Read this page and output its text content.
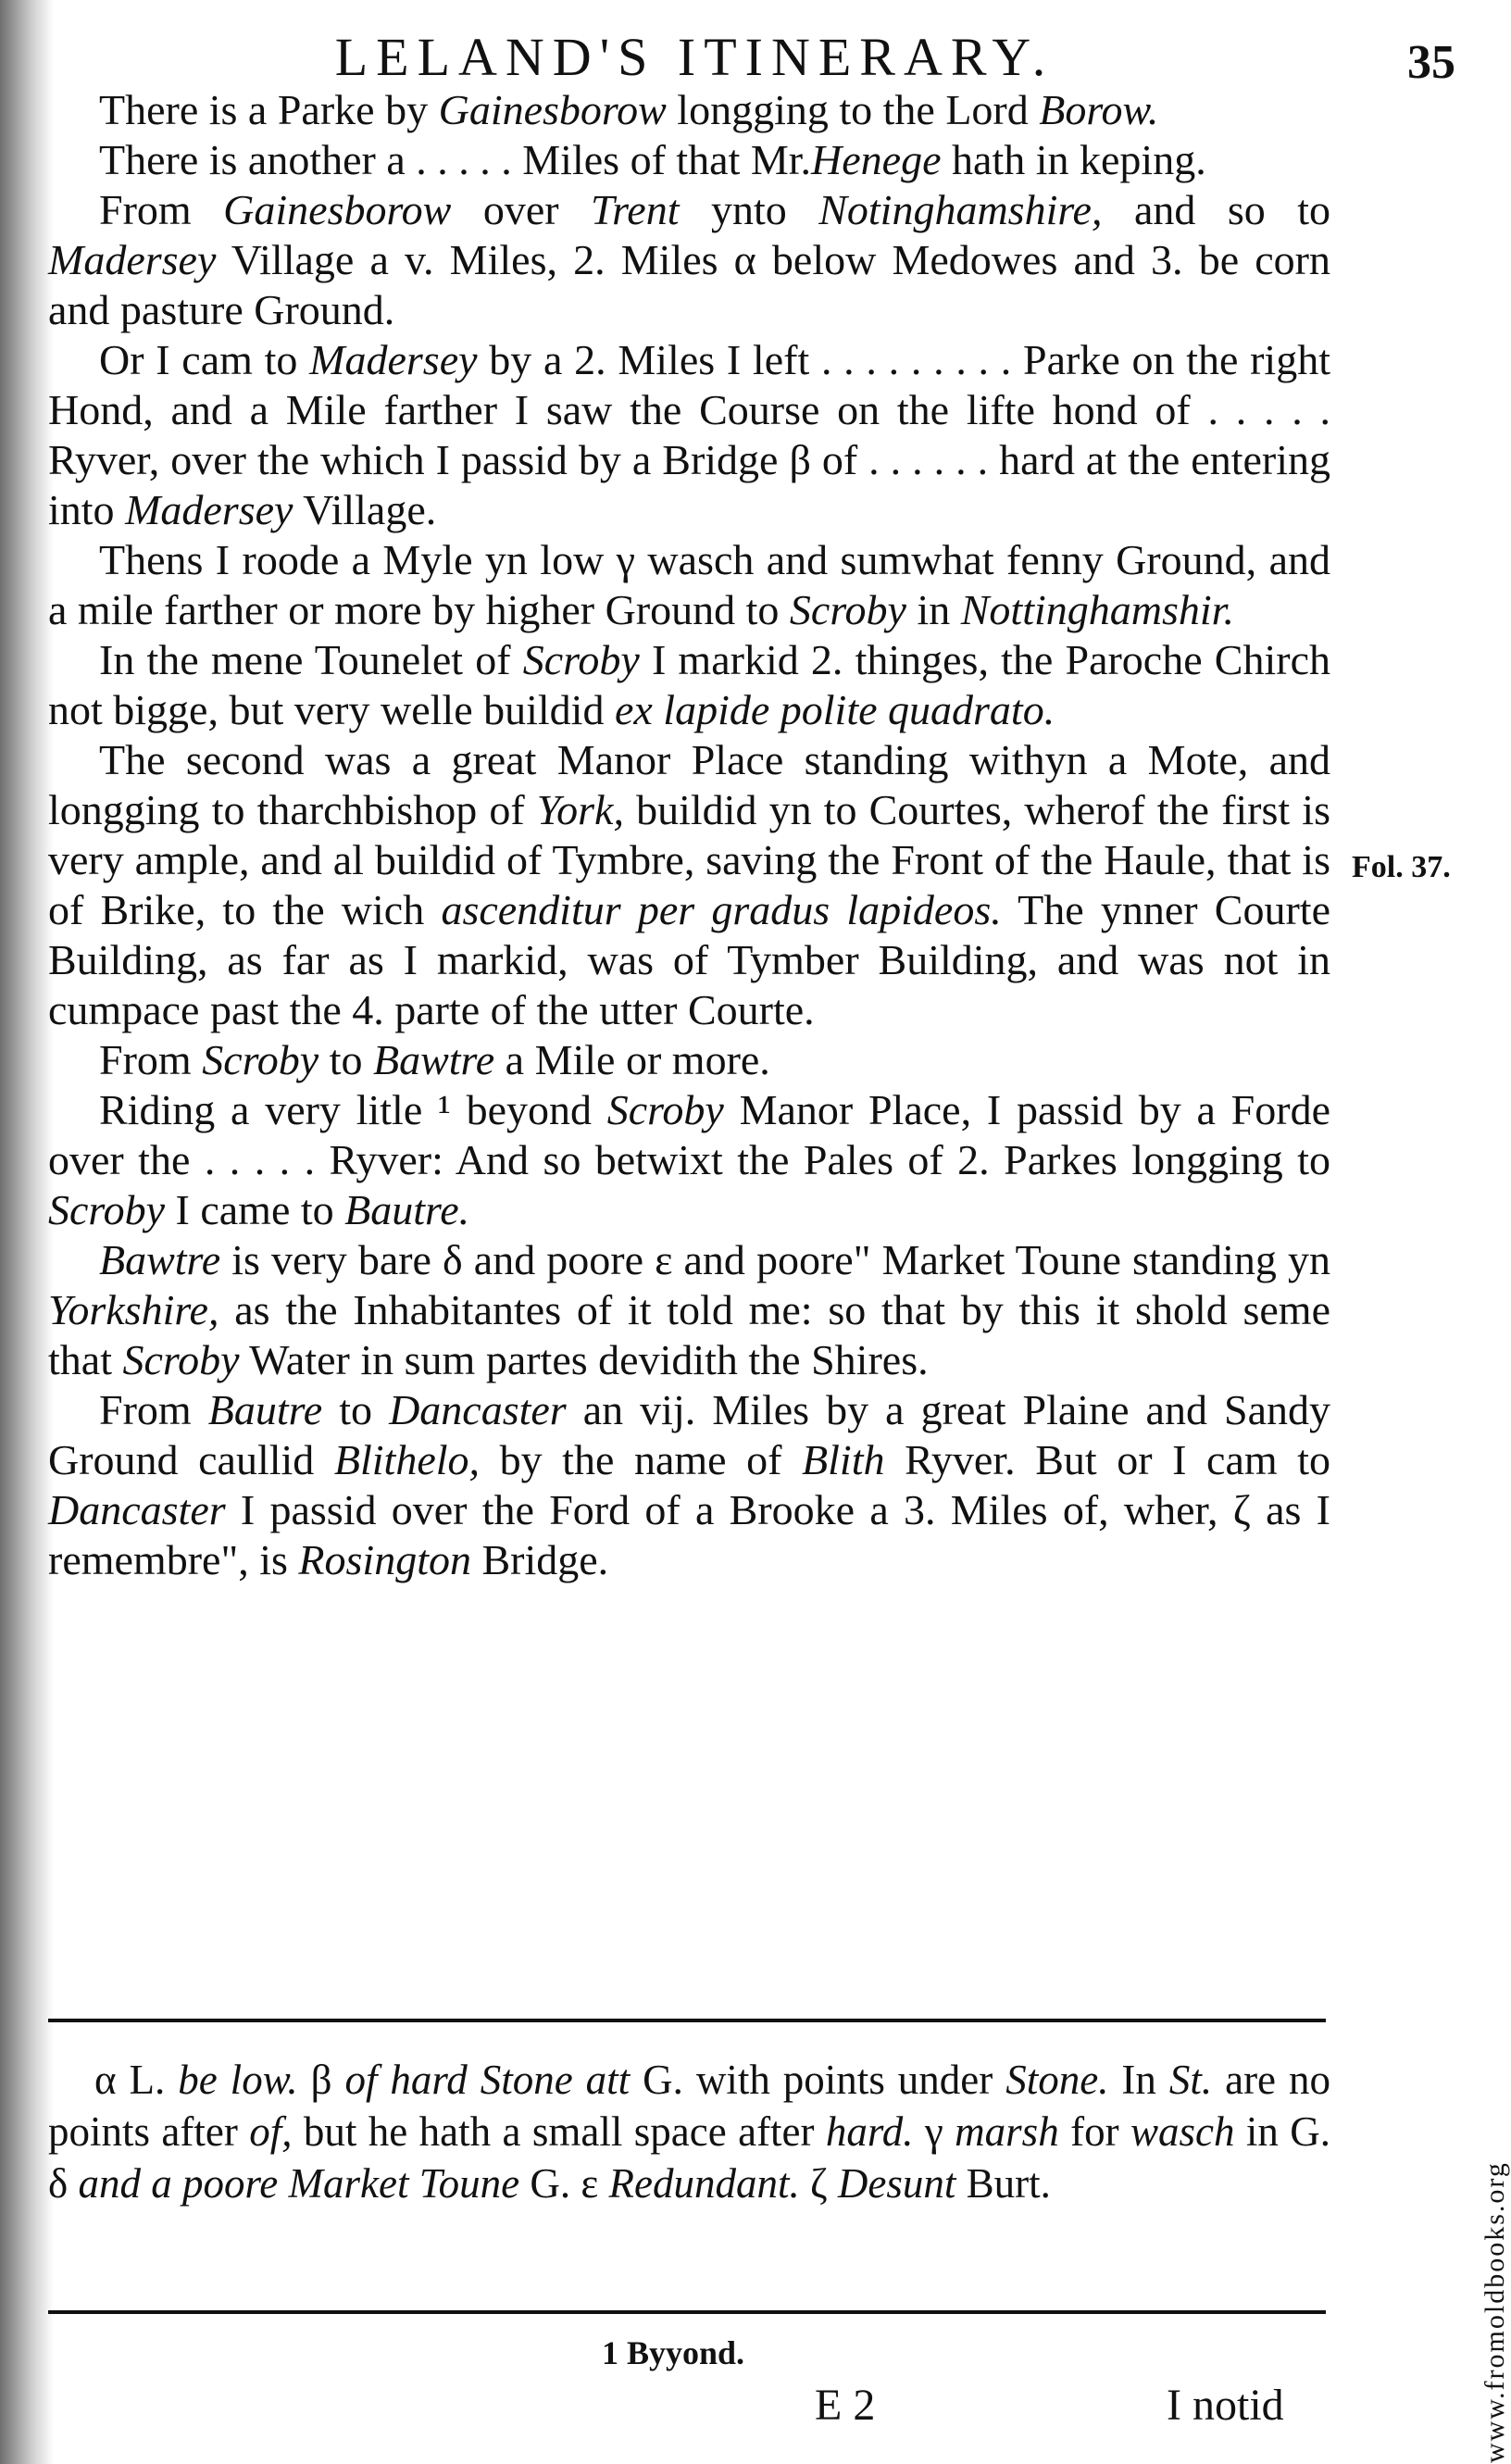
LELAND'S ITINERARY.	35

There is a Parke by Gainesborow longging to the Lord Borow.

There is another a . . . . . Miles of that Mr.Henege hath in keping.

From Gainesborow over Trent ynto Notinghamshire, and so to Madersey Village a v. Miles, 2. Miles α below Medowes and 3. be corn and pasture Ground.

Or I cam to Madersey by a 2. Miles I left . . . . . . . . . Parke on the right Hond, and a Mile farther I saw the Course on the lifte hond of . . . . . Ryver, over the which I passid by a Bridge β of . . . . . . hard at the entering into Madersey Village.

Thens I roode a Myle yn low γ wasch and sumwhat fenny Ground, and a mile farther or more by higher Ground to Scroby in Nottinghamshir.

In the mene Tounelet of Scroby I markid 2. thinges, the Paroche Chirch not bigge, but very welle buildid ex lapide polite quadrato.

The second was a great Manor Place standing withyn a Mote, and longging to tharchbishop of York, buildid yn to Courtes, wherof the first is very ample, and al buildid of Tymbre, saving the Front of the Haule, that is of Brike, to the wich ascenditur per gradus lapideos. The ynner Courte Building, as far as I markid, was of Tymber Building, and was not in cumpace past the 4. parte of the utter Courte.

From Scroby to Bawtre a Mile or more.

Riding a very litle ¹ beyond Scroby Manor Place, I passid by a Forde over the . . . . . Ryver: And so betwixt the Pales of 2. Parkes longging to Scroby I came to Bautre.

Bawtre is very bare δ and poore ε and poore" Market Toune standing yn Yorkshire, as the Inhabitantes of it told me: so that by this it shold seme that Scroby Water in sum partes devidith the Shires.

From Bautre to Dancaster an vij. Miles by a great Plaine and Sandy Ground caullid Blithelo, by the name of Blith Ryver. But or I cam to Dancaster I passid over the Ford of a Brooke a 3. Miles of, wher, ζ as I remembre", is Rosington Bridge.

Fol. 37.

α L. be low. β of hard Stone att G. with points under Stone. In St. are no points after of, but he hath a small space after hard. γ marsh for wasch in G. δ and a poore Market Toune G. ε Redundant. ζ Desunt Burt.

1 Byyond.
E 2	I notid	www.fromoldbooks.org
